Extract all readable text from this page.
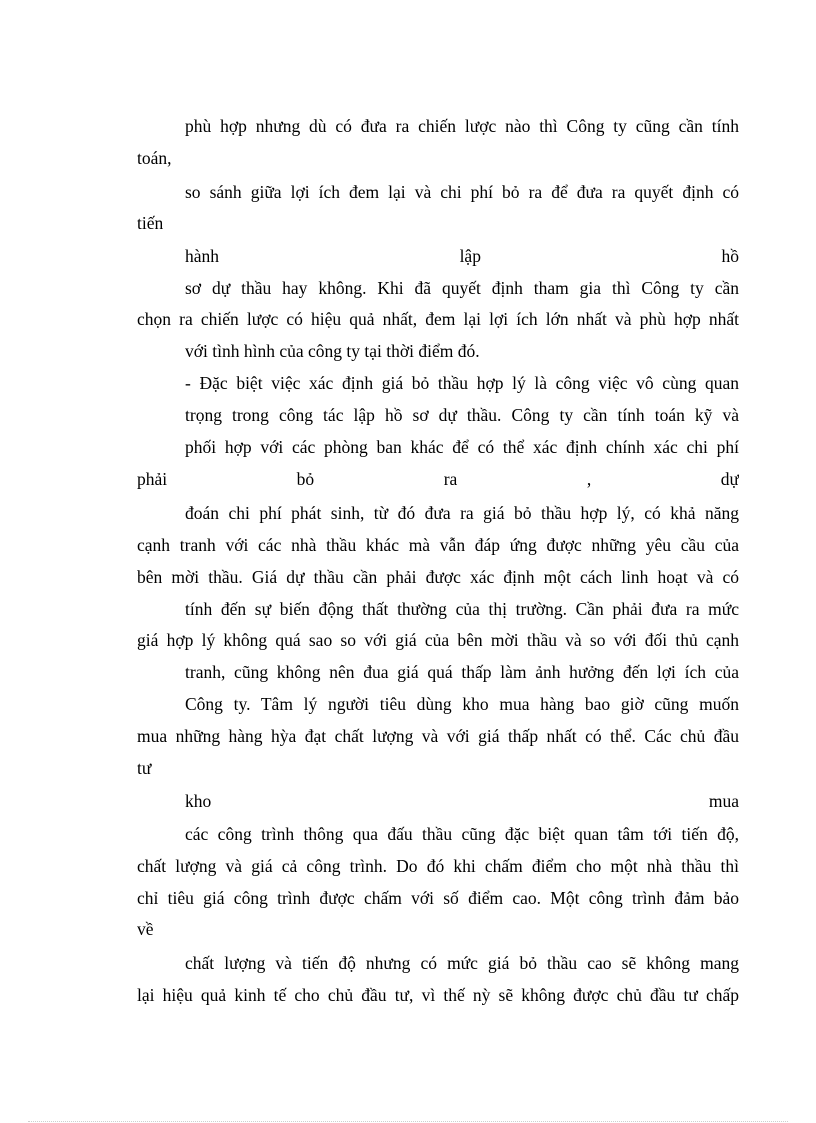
phù hợp nhưng dù có đưa ra chiến lược nào thì Công ty cũng cần tính
toán,
so sánh giữa lợi ích đem lại và chi phí bỏ ra để đưa ra quyết định có
tiến
hành lập hồ
sơ dự thầu hay không. Khi đã quyết định tham gia thì Công ty cần
chọn ra chiến lược có hiệu quả nhất, đem lại lợi ích lớn nhất và phù hợp nhất
với tình hình của công ty tại thời điểm đó.
- Đặc biệt việc xác định giá bỏ thầu hợp lý là công việc vô cùng quan
trọng trong công tác lập hồ sơ dự thầu. Công ty cần tính toán kỹ và
phối hợp với các phòng ban khác để có thể xác định chính xác chi phí
phải bỏ ra , dự
đoán chi phí phát sinh, từ đó đưa ra giá bỏ thầu hợp lý, có khả năng
cạnh tranh với các nhà thầu khác mà vẫn đáp ứng được những yêu cầu của
bên mời thầu. Giá dự thầu cần phải được xác định một cách linh hoạt và có
tính đến sự biến động thất thường của thị trường. Cần phải đưa ra mức
giá hợp lý không quá sao so với giá của bên mời thầu và so với đối thủ cạnh
tranh, cũng không nên đua giá quá thấp làm ảnh hưởng đến lợi ích của
Công ty. Tâm lý người tiêu dùng kho mua hàng bao giờ cũng muốn
mua những hàng hỳa đạt chất lượng và với giá thấp nhất có thể. Các chủ đầu
tư
kho mua
các công trình thông qua đấu thầu cũng đặc biệt quan tâm tới tiến độ,
chất lượng và giá cả công trình. Do đó khi chấm điểm cho một nhà thầu thì
chỉ tiêu giá công trình được chấm với số điểm cao. Một công trình đảm bảo
về
chất lượng và tiến độ nhưng có mức giá bỏ thầu cao sẽ không mang
lại hiệu quả kinh tế cho chủ đầu tư, vì thế nỳ sẽ không được chủ đầu tư chấp
